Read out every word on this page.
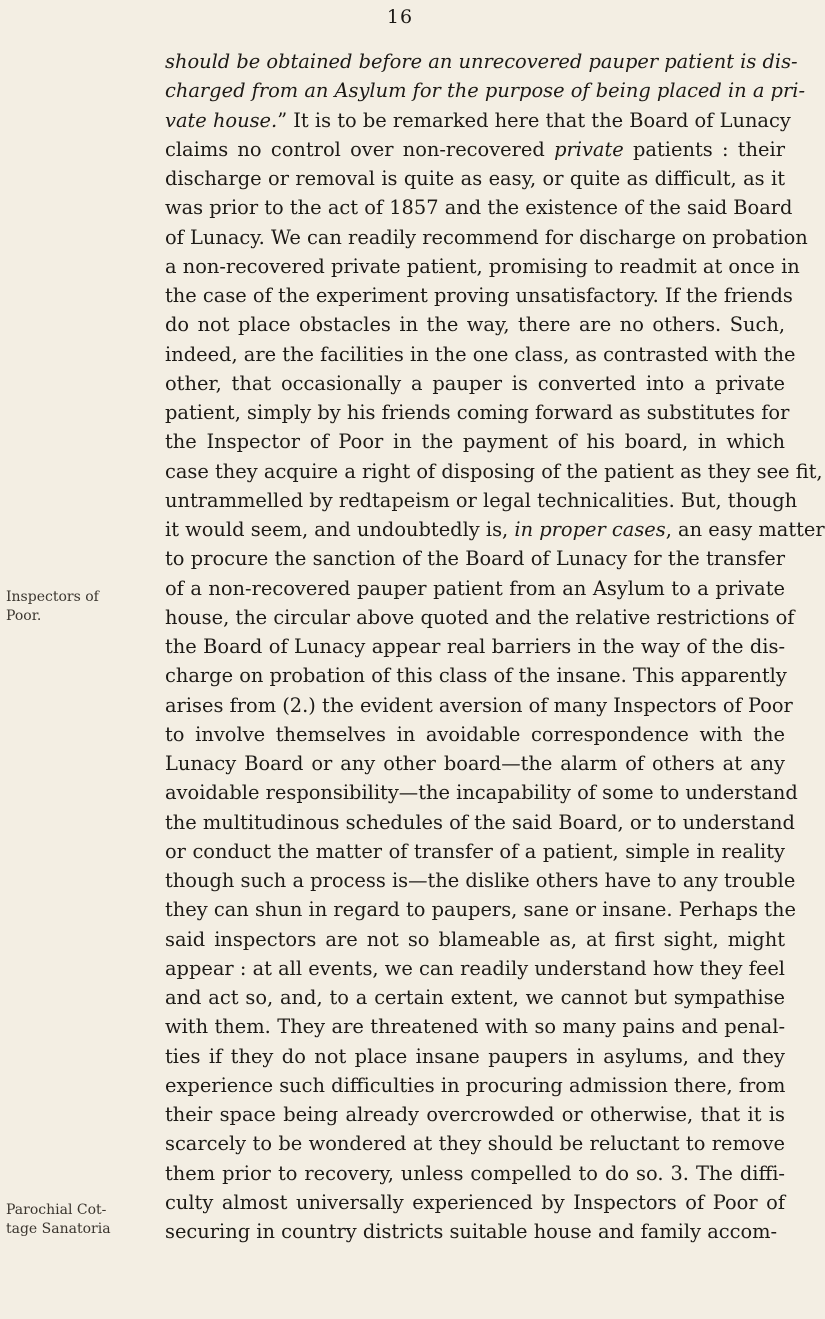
16
Inspectors of Poor.
Parochial Cot- tage Sanatoria
should be obtained before an unrecovered pauper patient is dis-
charged from an Asylum for the purpose of being placed in a pri-
vate house.” It is to be remarked here that the Board of Lunacy
claims no control over non-recovered private patients : their
discharge or removal is quite as easy, or quite as difficult, as it
was prior to the act of 1857 and the existence of the said Board
of Lunacy. We can readily recommend for discharge on probation
a non-recovered private patient, promising to readmit at once in
the case of the experiment proving unsatisfactory. If the friends
do not place obstacles in the way, there are no others. Such,
indeed, are the facilities in the one class, as contrasted with the
other, that occasionally a pauper is converted into a private
patient, simply by his friends coming forward as substitutes for
the Inspector of Poor in the payment of his board, in which
case they acquire a right of disposing of the patient as they see fit,
untrammelled by redtapeism or legal technicalities. But, though
it would seem, and undoubtedly is, in proper cases, an easy matter
to procure the sanction of the Board of Lunacy for the transfer
of a non-recovered pauper patient from an Asylum to a private
house, the circular above quoted and the relative restrictions of
the Board of Lunacy appear real barriers in the way of the dis-
charge on probation of this class of the insane. This apparently
arises from (2.) the evident aversion of many Inspectors of Poor
to involve themselves in avoidable correspondence with the
Lunacy Board or any other board—the alarm of others at any
avoidable responsibility—the incapability of some to understand
the multitudinous schedules of the said Board, or to understand
or conduct the matter of transfer of a patient, simple in reality
though such a process is—the dislike others have to any trouble
they can shun in regard to paupers, sane or insane. Perhaps the
said inspectors are not so blameable as, at first sight, might
appear : at all events, we can readily understand how they feel
and act so, and, to a certain extent, we cannot but sympathise
with them. They are threatened with so many pains and penal-
ties if they do not place insane paupers in asylums, and they
experience such difficulties in procuring admission there, from
their space being already overcrowded or otherwise, that it is
scarcely to be wondered at they should be reluctant to remove
them prior to recovery, unless compelled to do so. 3. The diffi-
culty almost universally experienced by Inspectors of Poor of
securing in country districts suitable house and family accom-
